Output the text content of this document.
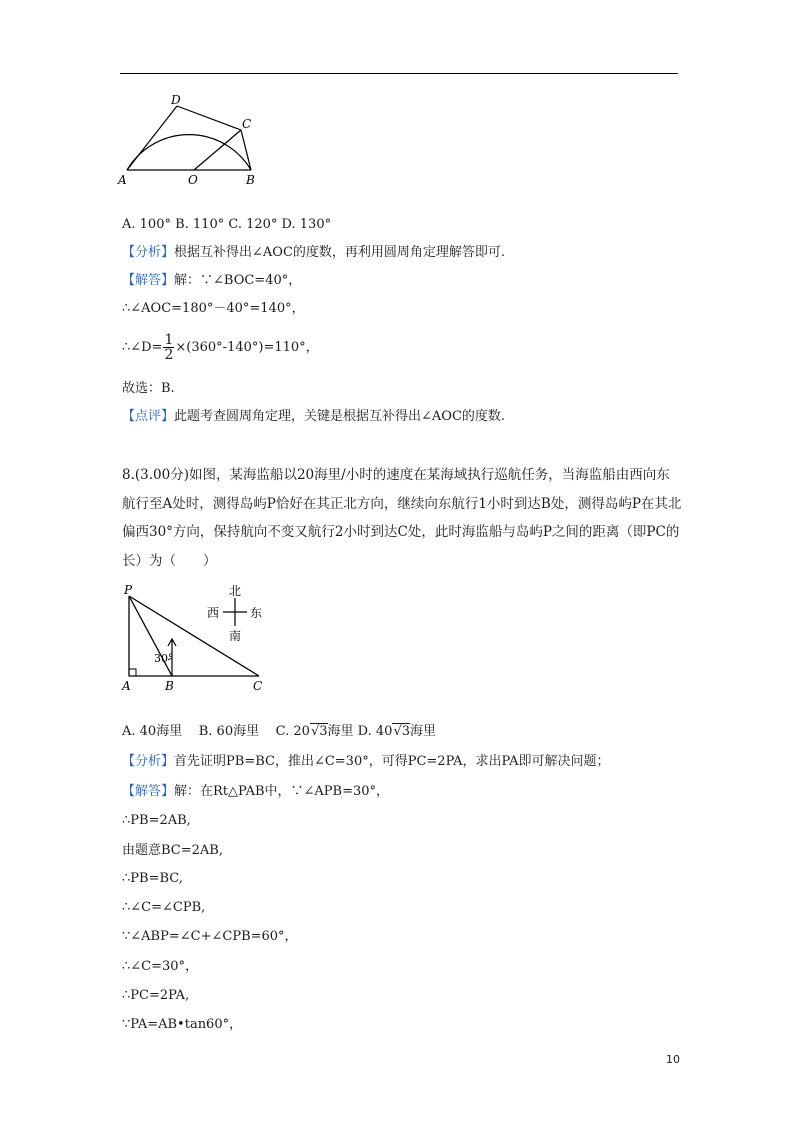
D
C
A	O	B
A. 100° B. 110° C. 120° D. 130°
【分析】根据互补得出∠AOC的度数，再利用圆周角定理解答即可.
【解答】解：∵∠BOC=40°，
∴∠AOC=180°－40°=140°，
∴∠D= $\frac{1}{2} \times(360^\circ-140^\circ)=110^\circ$，
故选：B.
【点评】此题考查圆周角定理，关键是根据互补得出∠AOC的度数.
8.(3.00分)如图，某海监船以20海里/小时的速度在某海域执行巡航任务，当海监船由西向东航行至A处时，测得岛屿P恰好在其正北方向，继续向东航行1小时到达B处，测得岛屿P在其北偏西30°方向，保持航向不变又航行2小时到达C处，此时海监船与岛屿P之间的距离（即PC的长）为（　　）
P
A	B	C
30°
北
南
西	东
A. 40海里 B. 60海里 C. 20√3海里 D. 40√3海里
【分析】首先证明PB=BC，推出∠C=30°，可得PC=2PA，求出PA即可解决问题；
【解答】解：在Rt△PAB中，∵∠APB=30°，
∴PB=2AB,
由题意BC=2AB,
∴PB=BC,
∴∠C=∠CPB,
∵∠ABP=∠C+∠CPB=60°，
∴∠C=30°，
∴PC=2PA,
∵PA=AB•tan60°，
10
